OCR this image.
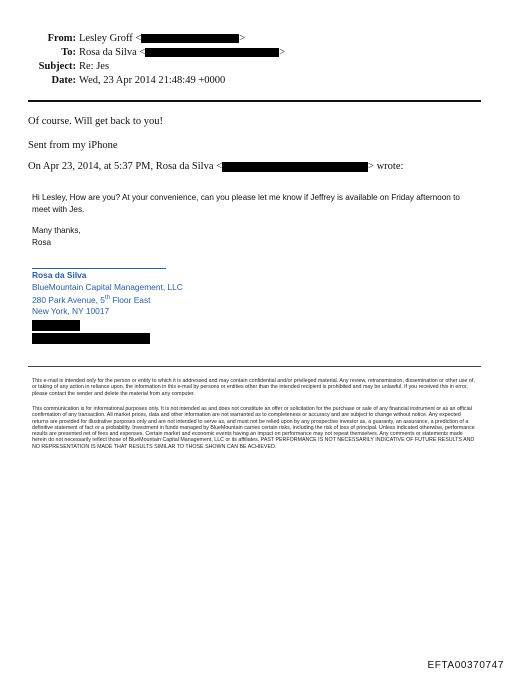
From: Lesley Groff <	>
To: Rosa da Silva <	>
Subject: Re: Jes
Date: Wed, 23 Apr 2014 21:48:49 +0000
Of course. Will get back to you!
Sent from my iPhone
On Apr 23, 2014, at 5:37 PM, Rosa da Silva <	> wrote:

Hi Lesley, How are you? At your convenience, can you please let me know if Jeffrey is available on Friday afternoon to meet with Jes.

Many thanks,

Rosa

Rosa da Silva
BlueMountain Capital Management, LLC
280 Park Avenue, 5th Floor East
New York, NY 10017

This e-mail is intended only for the person or entity to which it is addressed and may contain confidential and/or privileged material. Any review, retransmission, dissemination or other use of, or taking of any action in reliance upon, the information in this e-mail by persons or entities other than the intended recipient is prohibited and may be unlawful. If you received this in error, please contact the sender and delete the material from any computer.

This communication is for informational purposes only. It is not intended as and does not constitute an offer or solicitation for the purchase or sale of any financial instrument or as an official confirmation of any transaction. All market prices, data and other information are not warranted as to completeness or accuracy and are subject to change without notice. Any expected returns are provided for illustrative purposes only and are not intended to serve as, and must not be relied upon by any prospective investor as, a guaranty, an assurance, a prediction of a definitive statement of fact or a probability. Investment in funds managed by BlueMountain carries certain risks, including the risk of loss of principal. Unless indicated otherwise, performance results are presented net of fees and expenses. Certain market and economic events having an impact on performance may not repeat themselves. Any comments or statements made herein do not necessarily reflect those of BlueMountain Capital Management, LLC or its affiliates. PAST PERFORMANCE IS NOT NECESSARILY INDICATIVE OF FUTURE RESULTS AND NO REPRESENTATION IS MADE THAT RESULTS SIMILAR TO THOSE SHOWN CAN BE ACHIEVED.

EFTA00370747
